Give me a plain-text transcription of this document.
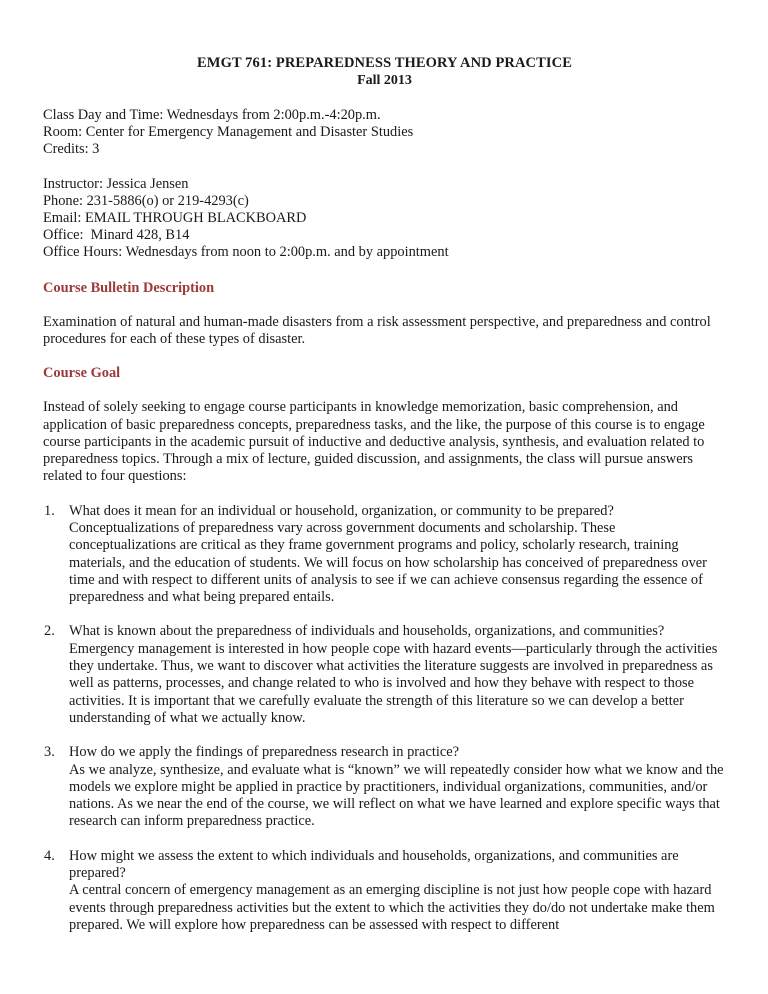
EMGT 761: PREPAREDNESS THEORY AND PRACTICE
Fall 2013
Class Day and Time: Wednesdays from 2:00p.m.-4:20p.m.
Room: Center for Emergency Management and Disaster Studies
Credits: 3
Instructor: Jessica Jensen
Phone: 231-5886(o) or 219-4293(c)
Email: EMAIL THROUGH BLACKBOARD
Office:  Minard 428, B14
Office Hours: Wednesdays from noon to 2:00p.m. and by appointment
Course Bulletin Description

Examination of natural and human-made disasters from a risk assessment perspective, and preparedness and control procedures for each of these types of disaster.

Course Goal

Instead of solely seeking to engage course participants in knowledge memorization, basic comprehension, and application of basic preparedness concepts, preparedness tasks, and the like, the purpose of this course is to engage course participants in the academic pursuit of inductive and deductive analysis, synthesis, and evaluation related to preparedness topics. Through a mix of lecture, guided discussion, and assignments, the class will pursue answers related to four questions:

What does it mean for an individual or household, organization, or community to be prepared?
Conceptualizations of preparedness vary across government documents and scholarship. These conceptualizations are critical as they frame government programs and policy, scholarly research, training materials, and the education of students. We will focus on how scholarship has conceived of preparedness over time and with respect to different units of analysis to see if we can achieve consensus regarding the essence of preparedness and what being prepared entails.
What is known about the preparedness of individuals and households, organizations, and communities?
Emergency management is interested in how people cope with hazard events—particularly through the activities they undertake. Thus, we want to discover what activities the literature suggests are involved in preparedness as well as patterns, processes, and change related to who is involved and how they behave with respect to those activities. It is important that we carefully evaluate the strength of this literature so we can develop a better understanding of what we actually know.
How do we apply the findings of preparedness research in practice?
As we analyze, synthesize, and evaluate what is “known” we will repeatedly consider how what we know and the models we explore might be applied in practice by practitioners, individual organizations, communities, and/or nations. As we near the end of the course, we will reflect on what we have learned and explore specific ways that research can inform preparedness practice.
How might we assess the extent to which individuals and households, organizations, and communities are prepared?
A central concern of emergency management as an emerging discipline is not just how people cope with hazard events through preparedness activities but the extent to which the activities they do/do not undertake make them prepared. We will explore how preparedness can be assessed with respect to different
